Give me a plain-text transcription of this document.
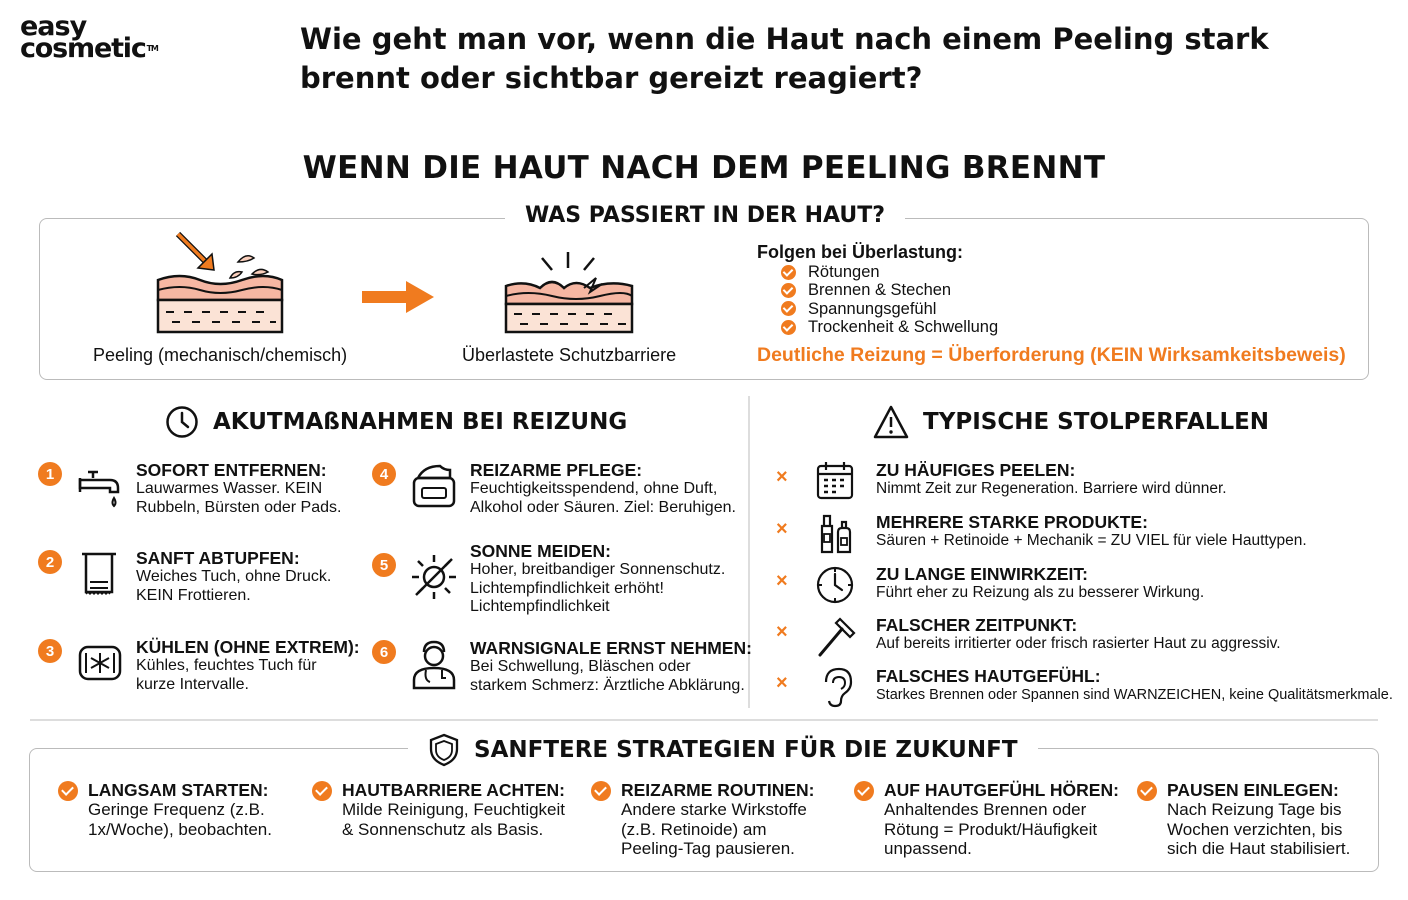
easy
cosmetic™	Wie geht man vor, wenn die Haut nach einem Peeling stark brennt oder sichtbar gereizt reagiert?
WENN DIE HAUT NACH DEM PEELING BRENNT
WAS PASSIERT IN DER HAUT?
Peeling (mechanisch/chemisch)	Überlastete Schutzbarriere
Folgen bei Überlastung:
Rötungen
Brennen & Stechen
Spannungsgefühl
Trockenheit & Schwellung
Deutliche Reizung = Überforderung (KEIN Wirksamkeitsbeweis)
AKUTMAßNAHMEN BEI REIZUNG
1	SOFORT ENTFERNEN:
Lauwarmes Wasser. KEIN Rubbeln, Bürsten oder Pads.
2	SANFT ABTUPFEN:
Weiches Tuch, ohne Druck. KEIN Frottieren.
3	KÜHLEN (OHNE EXTREM):
Kühles, feuchtes Tuch für kurze Intervalle.
4	REIZARME PFLEGE:
Feuchtigkeitsspendend, ohne Duft, Alkohol oder Säuren. Ziel: Beruhigen.
5
SONNE MEIDEN:
Hoher, breitbandiger Sonnenschutz. Lichtempfindlichkeit erhöht! Lichtempfindlichkeit
6	WARNSIGNALE ERNST NEHMEN:
Bei Schwellung, Bläschen oder starkem Schmerz: Ärztliche Abklärung.
TYPISCHE STOLPERFALLEN
×	ZU HÄUFIGES PEELEN:
Nimmt Zeit zur Regeneration. Barriere wird dünner.
×	MEHRERE STARKE PRODUKTE:
Säuren + Retinoide + Mechanik = ZU VIEL für viele Hauttypen.
×	ZU LANGE EINWIRKZEIT:
Führt eher zu Reizung als zu besserer Wirkung.
×	FALSCHER ZEITPUNKT:
Auf bereits irritierter oder frisch rasierter Haut zu aggressiv.
×	FALSCHES HAUTGEFÜHL:
Starkes Brennen oder Spannen sind WARNZEICHEN, keine Qualitätsmerkmale.
SANFTERE STRATEGIEN FÜR DIE ZUKUNFT
LANGSAM STARTEN:
Geringe Frequenz (z.B. 1x/Woche), beobachten.
HAUTBARRIERE ACHTEN:
Milde Reinigung, Feuchtigkeit & Sonnenschutz als Basis.
REIZARME ROUTINEN:
Andere starke Wirkstoffe (z.B. Retinoide) am Peeling-Tag pausieren.
AUF HAUTGEFÜHL HÖREN:
Anhaltendes Brennen oder Rötung = Produkt/Häufigkeit unpassend.
PAUSEN EINLEGEN:
Nach Reizung Tage bis Wochen verzichten, bis sich die Haut stabilisiert.
